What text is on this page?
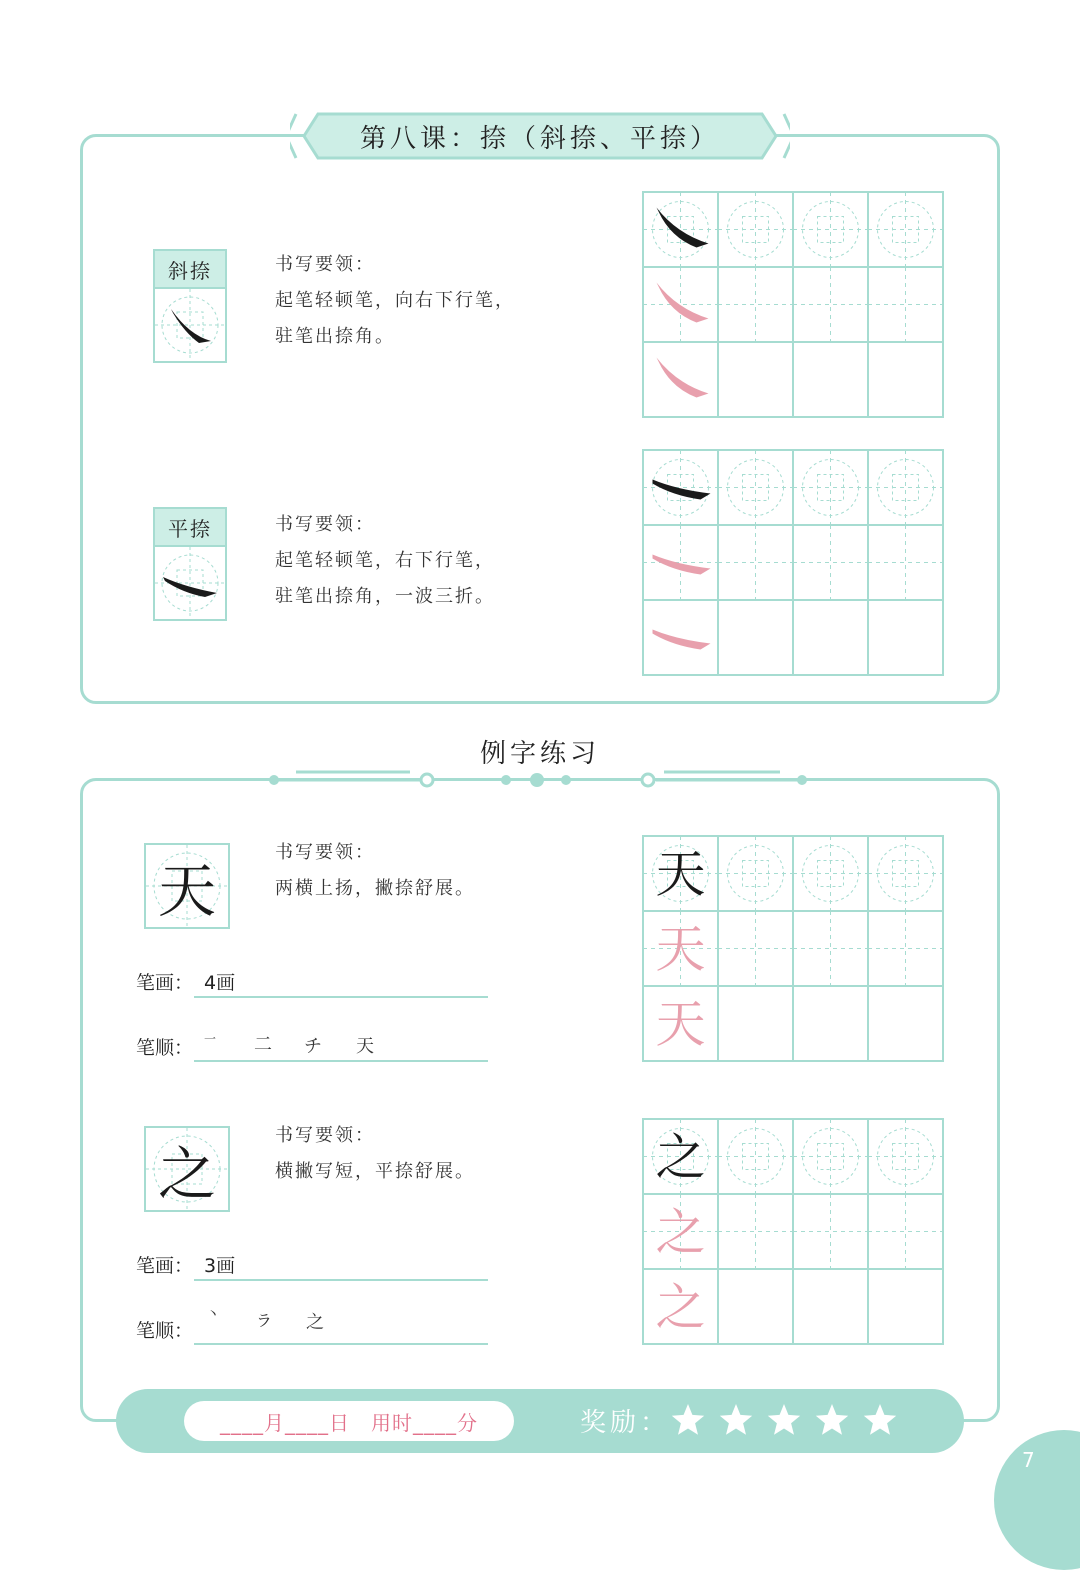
第八课：捺（斜捺、平捺）
斜捺	书写要领：
起笔轻顿笔，向右下行笔，
驻笔出捺角。
平捺	书写要领：
起笔轻顿笔，右下行笔，
驻笔出捺角，一波三折。
例字练习
天
书写要领：
两横上扬，撇捺舒展。
笔画： 4画
笔顺： 一 二 チ 天
之
书写要领：
横撇写短，平捺舒展。
笔画： 3画
笔顺：
丶 ラ 之
天
天
天
之
之
之
____月____日　用时____分	奖励：
7
